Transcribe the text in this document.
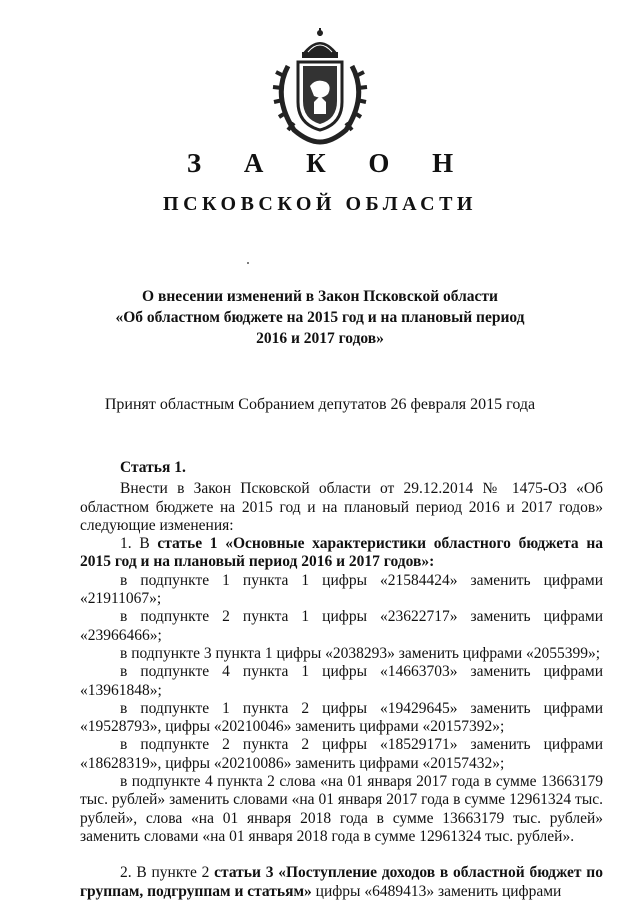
З А К О Н
ПСКОВСКОЙ ОБЛАСТИ
О внесении изменений в Закон Псковской области
«Об областном бюджете на 2015 год и на плановый период
2016 и 2017 годов»
Принят областным Собранием депутатов 26 февраля 2015 года

Статья 1.

Внести в Закон Псковской области от 29.12.2014 № 1475-ОЗ «Об областном бюджете на 2015 год и на плановый период 2016 и 2017 годов» следующие изменения:

1. В статье 1 «Основные характеристики областного бюджета на 2015 год и на плановый период 2016 и 2017 годов»:

в подпункте 1 пункта 1 цифры «21584424» заменить цифрами «21911067»;

в подпункте 2 пункта 1 цифры «23622717» заменить цифрами «23966466»;

в подпункте 3 пункта 1 цифры «2038293» заменить цифрами «2055399»;

в подпункте 4 пункта 1 цифры «14663703» заменить цифрами «13961848»;

в подпункте 1 пункта 2 цифры «19429645» заменить цифрами «19528793», цифры «20210046» заменить цифрами «20157392»;

в подпункте 2 пункта 2 цифры «18529171» заменить цифрами «18628319», цифры «20210086» заменить цифрами «20157432»;

в подпункте 4 пункта 2 слова «на 01 января 2017 года в сумме 13663179 тыс. рублей» заменить словами «на 01 января 2017 года в сумме 12961324 тыс. рублей», слова «на 01 января 2018 года в сумме 13663179 тыс. рублей» заменить словами «на 01 января 2018 года в сумме 12961324 тыс. рублей».

2. В пункте 2 статьи 3 «Поступление доходов в областной бюджет по группам, подгруппам и статьям» цифры «6489413» заменить цифрами
